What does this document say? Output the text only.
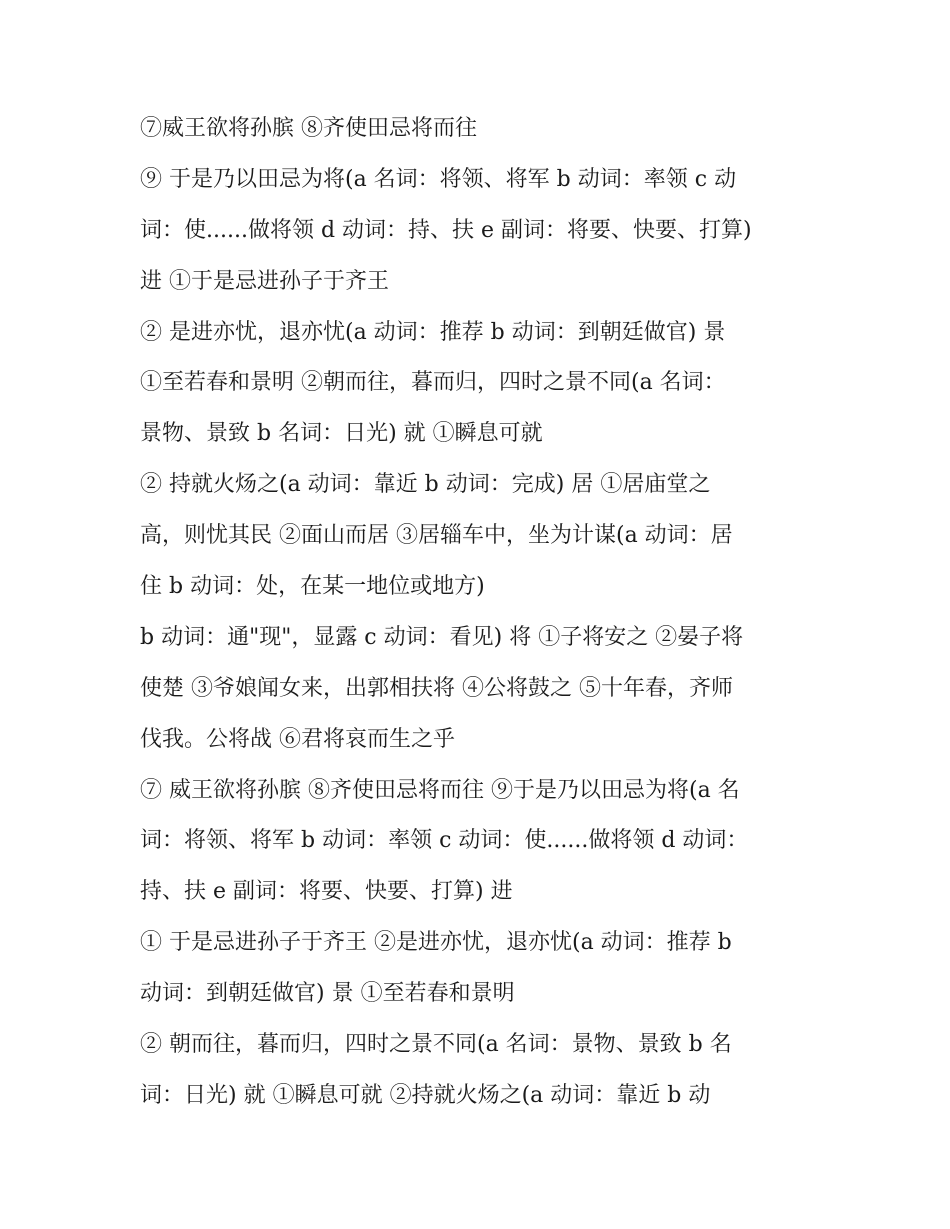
⑦威王欲将孙膑 ⑧齐使田忌将而往
⑨ 于是乃以田忌为将(a 名词：将领、将军 b 动词：率领 c 动
词：使......做将领 d 动词：持、扶 e 副词：将要、快要、打算)
进 ①于是忌进孙子于齐王
② 是进亦忧，退亦忧(a 动词：推荐 b 动词：到朝廷做官) 景
①至若春和景明 ②朝而往，暮而归，四时之景不同(a 名词：
景物、景致 b 名词：日光) 就 ①瞬息可就
② 持就火炀之(a 动词：靠近 b 动词：完成) 居 ①居庙堂之
高，则忧其民 ②面山而居 ③居辎车中，坐为计谋(a 动词：居
住 b 动词：处，在某一地位或地方)
b 动词：通"现"，显露 c 动词：看见) 将 ①子将安之 ②晏子将
使楚 ③爷娘闻女来，出郭相扶将 ④公将鼓之 ⑤十年春，齐师
伐我。公将战 ⑥君将哀而生之乎
⑦ 威王欲将孙膑 ⑧齐使田忌将而往 ⑨于是乃以田忌为将(a 名
词：将领、将军 b 动词：率领 c 动词：使......做将领 d 动词：
持、扶 e 副词：将要、快要、打算) 进
① 于是忌进孙子于齐王 ②是进亦忧，退亦忧(a 动词：推荐 b
动词：到朝廷做官) 景 ①至若春和景明
② 朝而往，暮而归，四时之景不同(a 名词：景物、景致 b 名
词：日光) 就 ①瞬息可就 ②持就火炀之(a 动词：靠近 b 动
